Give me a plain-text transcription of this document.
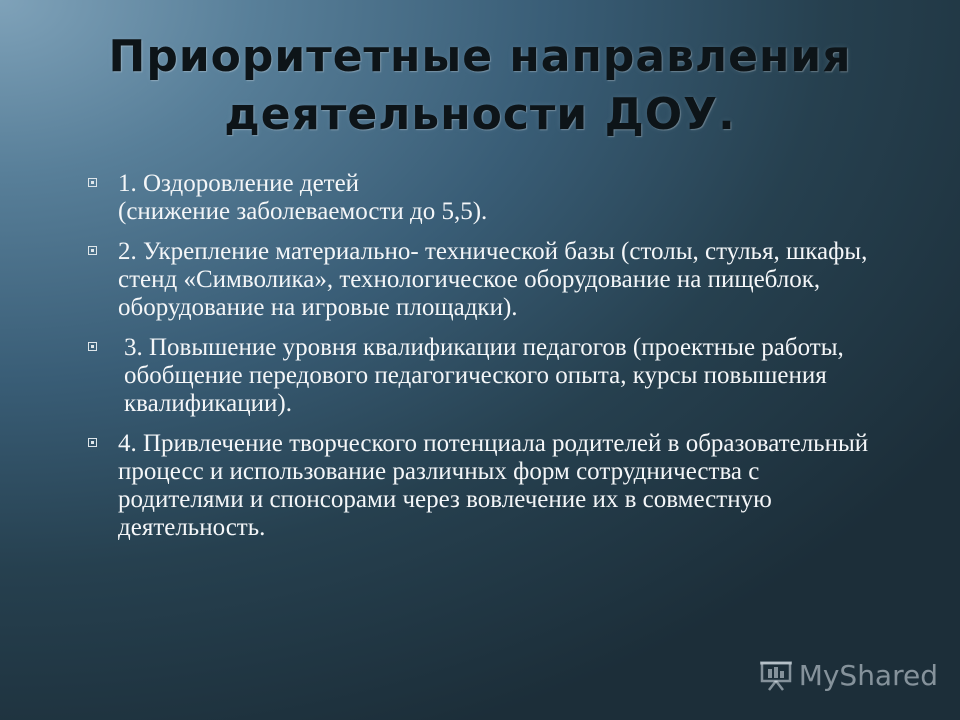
Приоритетные направления деятельности ДОУ.
1. Оздоровление детей
(снижение заболеваемости до 5,5).
2. Укрепление материально- технической базы (столы, стулья, шкафы, стенд «Символика», технологическое оборудование на пищеблок, оборудование на игровые площадки).
3. Повышение уровня квалификации педагогов (проектные работы, обобщение передового педагогического опыта, курсы повышения квалификации).
4. Привлечение творческого потенциала родителей в образовательный процесс и использование различных форм сотрудничества с родителями и спонсорами через вовлечение их в совместную деятельность.
MyShared
